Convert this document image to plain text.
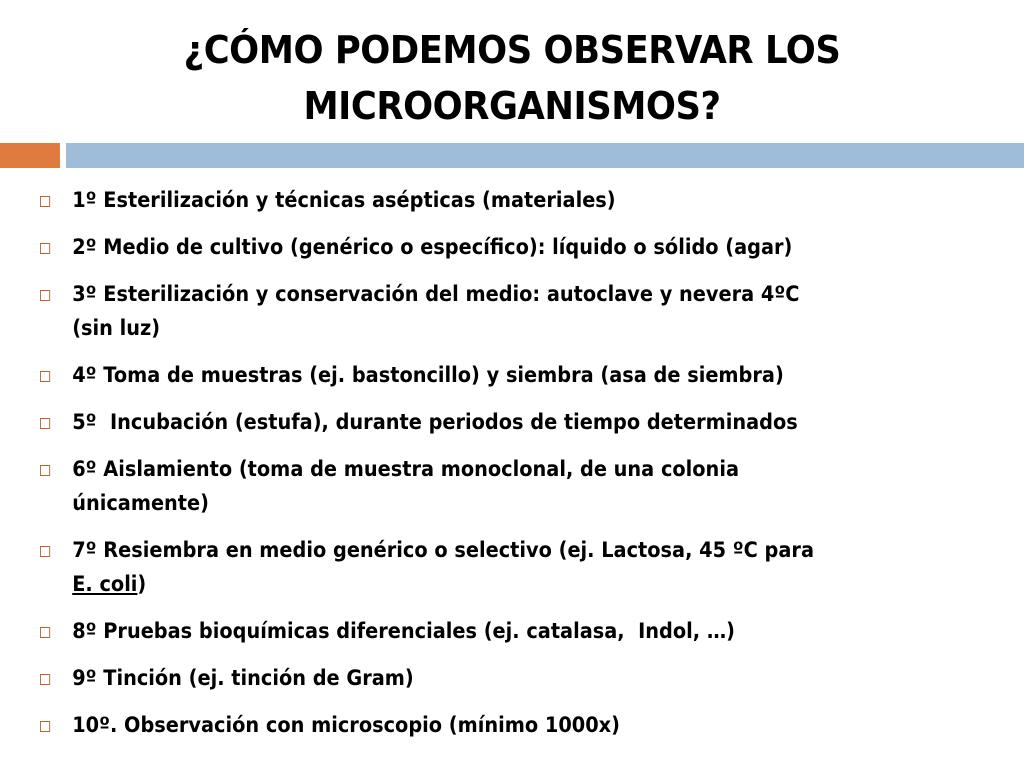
¿CÓMO PODEMOS OBSERVAR LOS
MICROORGANISMOS?
1º Esterilización y técnicas asépticas (materiales)
2º Medio de cultivo (genérico o específico): líquido o sólido (agar)
3º Esterilización y conservación del medio: autoclave y nevera 4ºC
(sin luz)
4º Toma de muestras (ej. bastoncillo) y siembra (asa de siembra)
5º  Incubación (estufa), durante periodos de tiempo determinados
6º Aislamiento (toma de muestra monoclonal, de una colonia
únicamente)
7º Resiembra en medio genérico o selectivo (ej. Lactosa, 45 ºC para
E. coli)
8º Pruebas bioquímicas diferenciales (ej. catalasa,  Indol, …)
9º Tinción (ej. tinción de Gram)
10º. Observación con microscopio (mínimo 1000x)
